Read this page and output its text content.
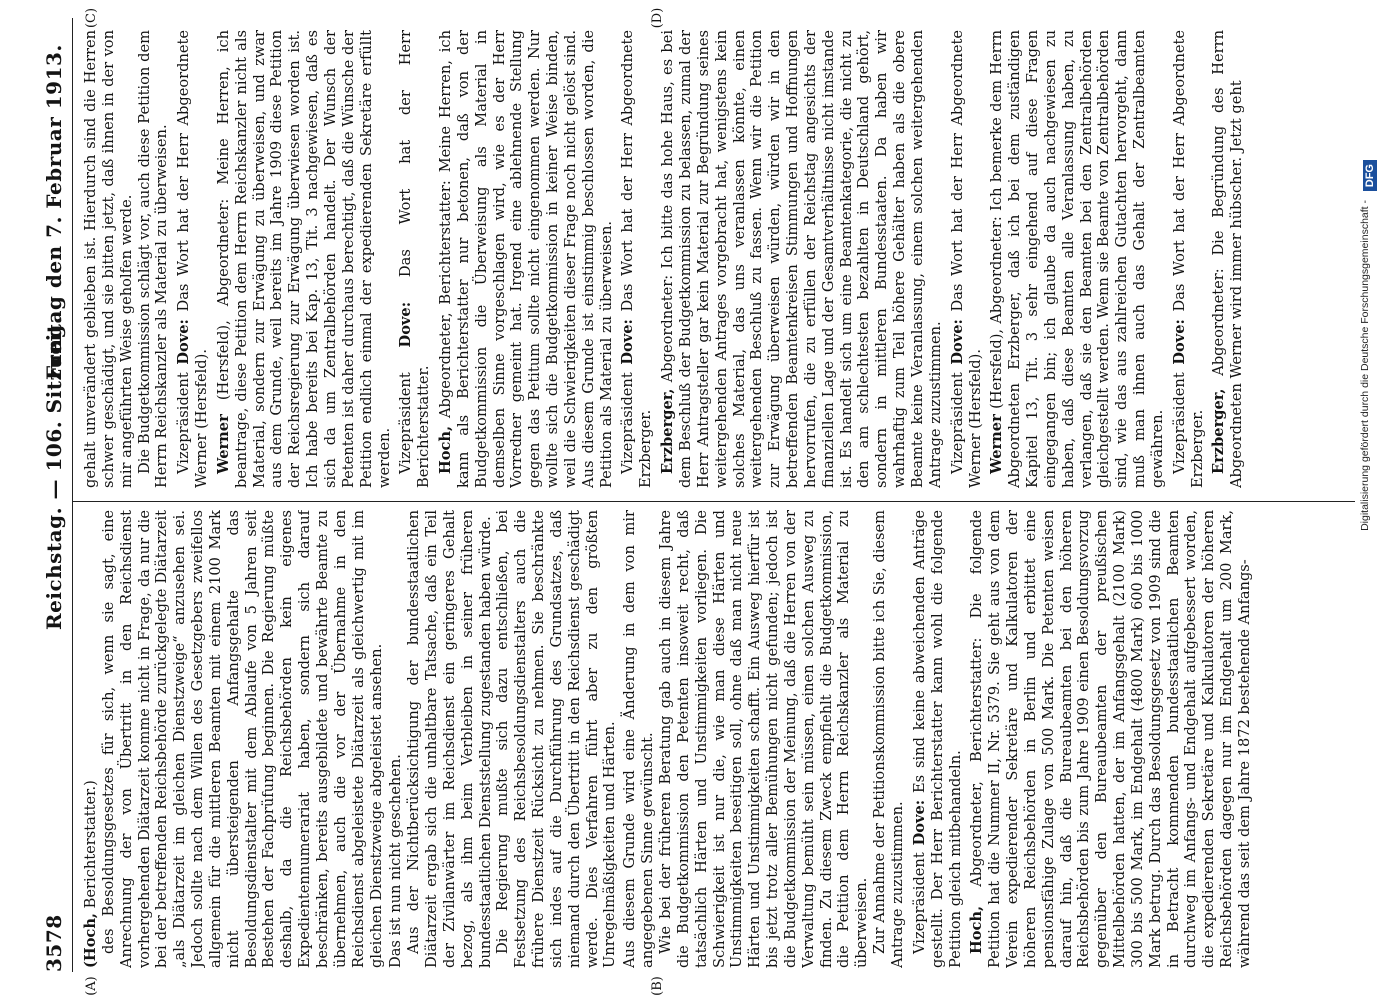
3578
Reichstag. — 106. Sitzung.
Freitag den 7. Februar 1913.
(A)	(B)
(C)	(D)

(Hoch, Berichterstatter.) des Besoldungsgesetzes für sich, wenn sie sagt, eine Anrechnung der von Übertritt in den Reichsdienst vorhergehenden Diätarzeit komme nicht in Frage, da nur die bei der betreffenden Reichsbehörde zurückgelegte Diätarzeit „als Diätarzeit im gleichen Dienstzweige“ anzusehen sei. Jedoch sollte nach dem Willen des Gesetzgebers zweifellos allgemein für die mittleren Beamten mit einem 2100 Mark nicht übersteigenden Anfangsgehalte das Besoldungsdienstalter mit dem Ablaufe von 5 Jahren seit Bestehen der Fachprüfung beginnen. Die Regierung müßte deshalb, da die Reichsbehörden kein eigenes Expedientennumerariat haben, sondern sich darauf beschränken, bereits ausgebildete und bewährte Beamte zu übernehmen, auch die vor der Übernahme in den Reichsdienst abgeleistete Diätarzeit als gleichwertig mit im gleichen Dienstzweige abgeleistet ansehen. Das ist nun nicht geschehen. Aus der Nichtberücksichtigung der bundesstaatlichen Diätarzeit ergab sich die unhaltbare Tatsache, daß ein Teil der Zivilanwärter im Reichsdienst ein geringeres Gehalt bezog, als ihm beim Verbleiben in seiner früheren bundesstaatlichen Dienststellung zugestanden haben würde. Die Regierung mußte sich dazu entschließen, bei Festsetzung des Reichsbesoldungsdienstalters auch die frühere Dienstzeit Rücksicht zu nehmen. Sie beschränkte sich indes auf die Durchführung des Grundsatzes, daß niemand durch den Übertritt in den Reichsdienst geschädigt werde. Dies Verfahren führt aber zu den größten Unregelmäßigkeiten und Härten. Aus diesem Grunde wird eine Änderung in dem von mir angegebenen Sinne gewünscht. Wie bei der früheren Beratung gab auch in diesem Jahre die Budgetkommission den Petenten insoweit recht, daß tatsächlich Härten und Unstimmigkeiten vorliegen. Die Schwierigkeit ist nur die, wie man diese Härten und Unstimmigkeiten beseitigen soll, ohne daß man nicht neue Härten und Unstimmigkeiten schafft. Ein Ausweg hierfür ist bis jetzt trotz aller Bemühungen nicht gefunden; jedoch ist die Budgetkommission der Meinung, daß die Herren von der Verwaltung bemüht sein müssen, einen solchen Ausweg zu finden. Zu diesem Zweck empfiehlt die Budgetkommission, die Petition dem Herrn Reichskanzler als Material zu überweisen. Zur Annahme der Petitionskommission bitte ich Sie, diesem Antrage zuzustimmen. Vizepräsident Dove: Es sind keine abweichenden Anträge gestellt. Der Herr Berichterstatter kann wohl die folgende Petition gleich mitbehandeln. Hoch, Abgeordneter, Berichterstatter: Die folgende Petition hat die Nummer II, Nr. 5379. Sie geht aus von dem Verein expedierender Sekretäre und Kalkulatoren der höheren Reichsbehörden in Berlin und erbittet eine pensionsfähige Zulage von 500 Mark. Die Petenten weisen darauf hin, daß die Bureaubeamten bei den höheren Reichsbehörden bis zum Jahre 1909 einen Besoldungsvorzug gegenüber den Bureaubeamten der preußischen Mittelbehörden hatten, der im Anfangsgehalt (2100 Mark) 300 bis 500 Mark, im Endgehalt (4800 Mark) 600 bis 1000 Mark betrug. Durch das Besoldungsgesetz von 1909 sind die in Betracht kommenden bundesstaatlichen Beamten durchweg im Anfangs- und Endgehalt aufgebessert worden, die expedierenden Sekretäre und Kalkulatoren der höheren Reichsbehörden dagegen nur im Endgehalt um 200 Mark, während das seit dem Jahre 1872 bestehende Anfangs-

gehalt unverändert geblieben ist. Hierdurch sind die Herren schwer geschädigt, und sie bitten jetzt, daß ihnen in der von mir angeführten Weise geholfen werde. Die Budgetkommission schlägt vor, auch diese Petition dem Herrn Reichskanzler als Material zu überweisen. Vizepräsident Dove: Das Wort hat der Herr Abgeordnete Werner (Hersfeld). Werner (Hersfeld), Abgeordneter: Meine Herren, ich beantrage, diese Petition dem Herrn Reichskanzler nicht als Material, sondern zur Erwägung zu überweisen, und zwar aus dem Grunde, weil bereits im Jahre 1909 diese Petition der Reichsregierung zur Erwägung überwiesen worden ist. Ich habe bereits bei Kap. 13, Tit. 3 nachgewiesen, daß es sich da um Zentralbehörden handelt. Der Wunsch der Petenten ist daher durchaus berechtigt, daß die Wünsche der Petition endlich einmal der expedierenden Sekretäre erfüllt werden. Vizepräsident Dove: Das Wort hat der Herr Berichterstatter. Hoch, Abgeordneter, Berichterstatter: Meine Herren, ich kann als Berichterstatter nur betonen, daß von der Budgetkommission die Überweisung als Material in demselben Sinne vorgeschlagen wird, wie es der Herr Vorredner gemeint hat. Irgend eine ablehnende Stellung gegen das Petitum sollte nicht eingenommen werden. Nur wollte sich die Budgetkommission in keiner Weise binden, weil die Schwierigkeiten dieser Frage noch nicht gelöst sind. Aus diesem Grunde ist einstimmig beschlossen worden, die Petition als Material zu überweisen. Vizepräsident Dove: Das Wort hat der Herr Abgeordnete Erzberger. Erzberger, Abgeordneter: Ich bitte das hohe Haus, es bei dem Beschluß der Budgetkommission zu belassen, zumal der Herr Antragsteller gar kein Material zur Begründung seines weitergehenden Antrages vorgebracht hat, wenigstens kein solches Material, das uns veranlassen könnte, einen weitergehenden Beschluß zu fassen. Wenn wir die Petition zur Erwägung überweisen würden, würden wir in den betreffenden Beamtenkreisen Stimmungen und Hoffnungen hervorrufen, die zu erfüllen der Reichstag angesichts der finanziellen Lage und der Gesamtverhältnisse nicht imstande ist. Es handelt sich um eine Beamtenkategorie, die nicht zu den am schlechtesten bezahlten in Deutschland gehört, sondern in mittleren Bundesstaaten. Da haben wir wahrhaftig zum Teil höhere Gehälter haben als die obere Beamte keine Veranlassung, einem solchen weitergehenden Antrage zuzustimmen. Vizepräsident Dove: Das Wort hat der Herr Abgeordnete Werner (Hersfeld). Werner (Hersfeld), Abgeordneter: Ich bemerke dem Herrn Abgeordneten Erzberger, daß ich bei dem zuständigen Kapitel 13, Tit. 3 sehr eingehend auf diese Fragen eingegangen bin; ich glaube da auch nachgewiesen zu haben, daß diese Beamten alle Veranlassung haben, zu verlangen, daß sie den Beamten bei den Zentralbehörden gleichgestellt werden. Wenn sie Beamte von Zentralbehörden sind, wie das aus zahlreichen Gutachten hervorgeht, dann muß man ihnen auch das Gehalt der Zentralbeamten gewähren. Vizepräsident Dove: Das Wort hat der Herr Abgeordnete Erzberger. Erzberger, Abgeordneter: Die Begründung des Herrn Abgeordneten Werner wird immer hübscher. Jetzt geht	Digitalisierung gefördert durch die Deutsche Forschungsgemeinschaft -
DFG
